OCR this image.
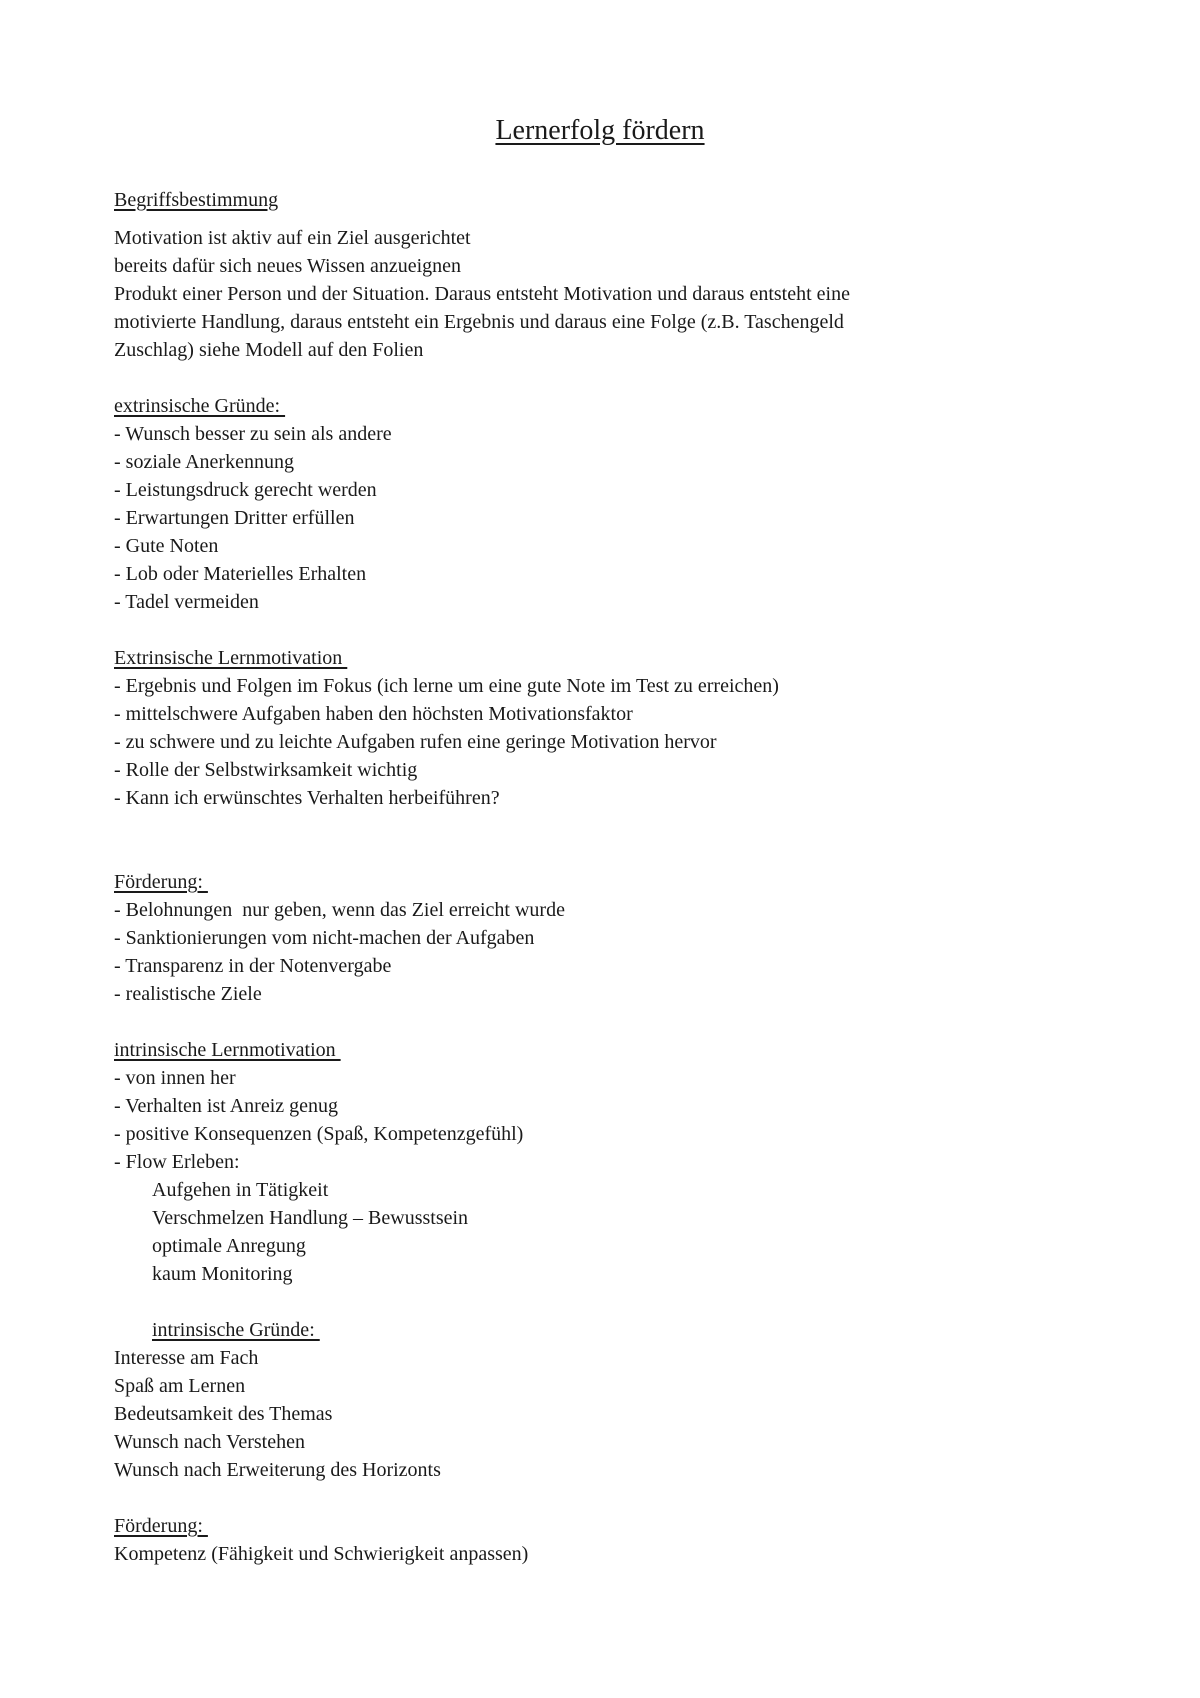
Lernerfolg fördern
Begriffsbestimmung
Motivation ist aktiv auf ein Ziel ausgerichtet
bereits dafür sich neues Wissen anzueignen
Produkt einer Person und der Situation. Daraus entsteht Motivation und daraus entsteht eine
motivierte Handlung, daraus entsteht ein Ergebnis und daraus eine Folge (z.B. Taschengeld
Zuschlag) siehe Modell auf den Folien
extrinsische Gründe:
- Wunsch besser zu sein als andere
- soziale Anerkennung
- Leistungsdruck gerecht werden
- Erwartungen Dritter erfüllen
- Gute Noten
- Lob oder Materielles Erhalten
- Tadel vermeiden
Extrinsische Lernmotivation
- Ergebnis und Folgen im Fokus (ich lerne um eine gute Note im Test zu erreichen)
- mittelschwere Aufgaben haben den höchsten Motivationsfaktor
- zu schwere und zu leichte Aufgaben rufen eine geringe Motivation hervor
- Rolle der Selbstwirksamkeit wichtig
- Kann ich erwünschtes Verhalten herbeiführen?
Förderung:
- Belohnungen  nur geben, wenn das Ziel erreicht wurde
- Sanktionierungen vom nicht-machen der Aufgaben
- Transparenz in der Notenvergabe
- realistische Ziele
intrinsische Lernmotivation
- von innen her
- Verhalten ist Anreiz genug
- positive Konsequenzen (Spaß, Kompetenzgefühl)
- Flow Erleben:
Aufgehen in Tätigkeit
Verschmelzen Handlung – Bewusstsein
optimale Anregung
kaum Monitoring
intrinsische Gründe:
Interesse am Fach
Spaß am Lernen
Bedeutsamkeit des Themas
Wunsch nach Verstehen
Wunsch nach Erweiterung des Horizonts
Förderung:
Kompetenz (Fähigkeit und Schwierigkeit anpassen)
